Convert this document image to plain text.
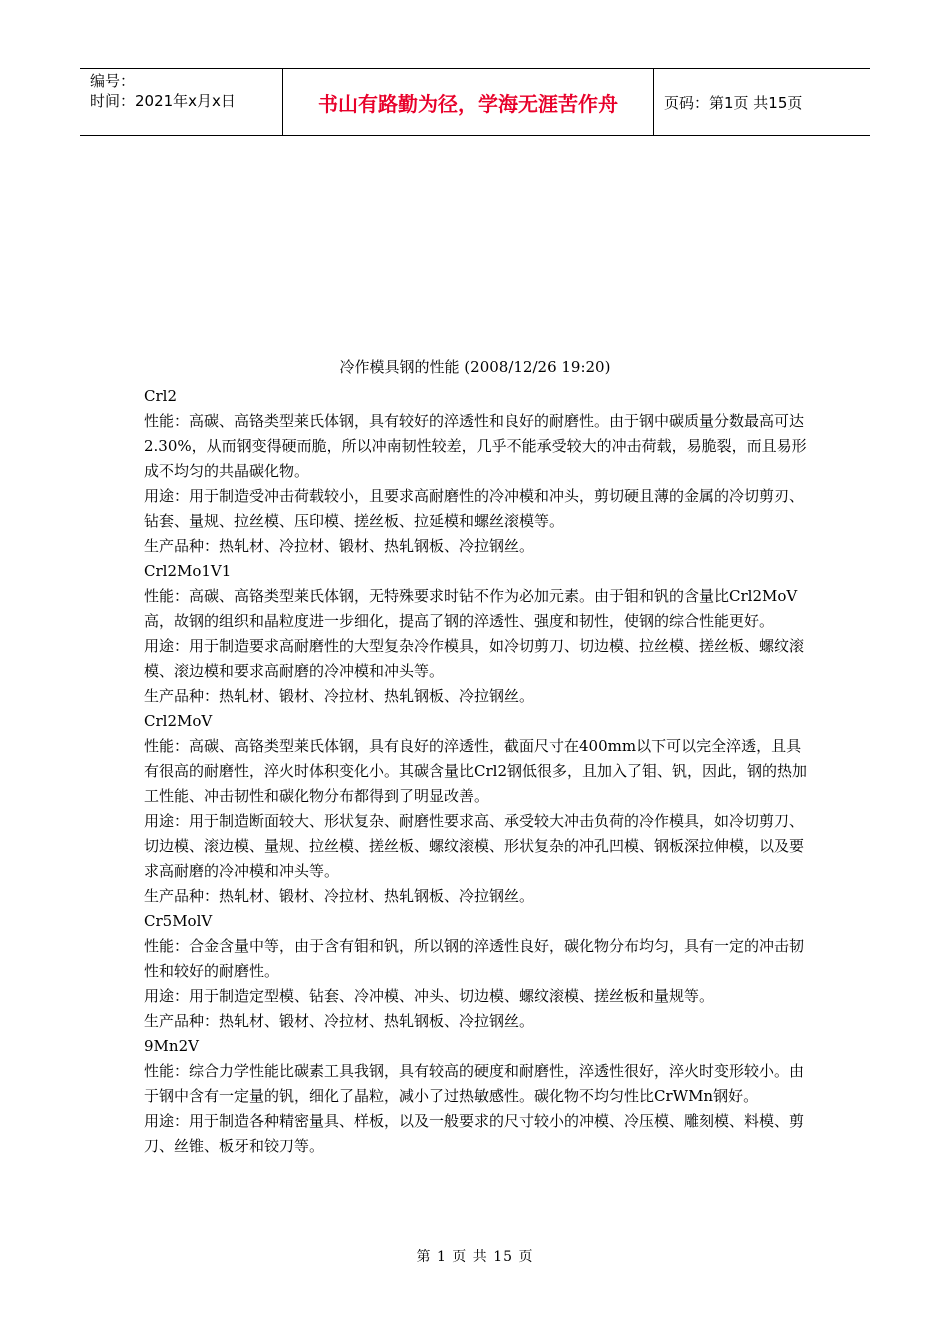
编号：
时间：2021年x月x日	书山有路勤为径，学海无涯苦作舟	页码：第1页 共15页
冷作模具钢的性能 (2008/12/26 19:20)

Crl2

性能：高碳、高铬类型莱氏体钢，具有较好的淬透性和良好的耐磨性。由于钢中碳质量分数最高可达 2.30%，从而钢变得硬而脆，所以冲南韧性较差，几乎不能承受较大的冲击荷载，易脆裂，而且易形成不均匀的共晶碳化物。

用途：用于制造受冲击荷载较小，且要求高耐磨性的冷冲模和冲头，剪切硬且薄的金属的冷切剪刃、钻套、量规、拉丝模、压印模、搓丝板、拉延模和螺丝滚模等。

生产品种：热轧材、冷拉材、锻材、热轧钢板、冷拉钢丝。

Crl2Mo1V1

性能：高碳、高铬类型莱氏体钢，无特殊要求时钻不作为必加元素。由于钼和钒的含量比Crl2MoV高，故钢的组织和晶粒度进一步细化，提高了钢的淬透性、强度和韧性，使钢的综合性能更好。

用途：用于制造要求高耐磨性的大型复杂冷作模具，如冷切剪刀、切边模、拉丝模、搓丝板、螺纹滚模、滚边模和要求高耐磨的冷冲模和冲头等。

生产品种：热轧材、锻材、冷拉材、热轧钢板、冷拉钢丝。

Crl2MoV

性能：高碳、高铬类型莱氏体钢，具有良好的淬透性，截面尺寸在400mm以下可以完全淬透，且具有很高的耐磨性，淬火时体积变化小。其碳含量比Crl2钢低很多，且加入了钼、钒，因此，钢的热加工性能、冲击韧性和碳化物分布都得到了明显改善。

用途：用于制造断面较大、形状复杂、耐磨性要求高、承受较大冲击负荷的冷作模具，如冷切剪刀、切边模、滚边模、量规、拉丝模、搓丝板、螺纹滚模、形状复杂的冲孔凹模、钢板深拉伸模，以及要求高耐磨的冷冲模和冲头等。

生产品种：热轧材、锻材、冷拉材、热轧钢板、冷拉钢丝。

Cr5MolV

性能：合金含量中等，由于含有钼和钒，所以钢的淬透性良好，碳化物分布均匀，具有一定的冲击韧性和较好的耐磨性。

用途：用于制造定型模、钻套、冷冲模、冲头、切边模、螺纹滚模、搓丝板和量规等。

生产品种：热轧材、锻材、冷拉材、热轧钢板、冷拉钢丝。

9Mn2V

性能：综合力学性能比碳素工具我钢，具有较高的硬度和耐磨性，淬透性很好，淬火时变形较小。由于钢中含有一定量的钒，细化了晶粒，减小了过热敏感性。碳化物不均匀性比CrWMn钢好。

用途：用于制造各种精密量具、样板，以及一般要求的尺寸较小的冲模、冷压模、雕刻模、料模、剪刀、丝锥、板牙和铰刀等。

第 1 页 共 15 页
